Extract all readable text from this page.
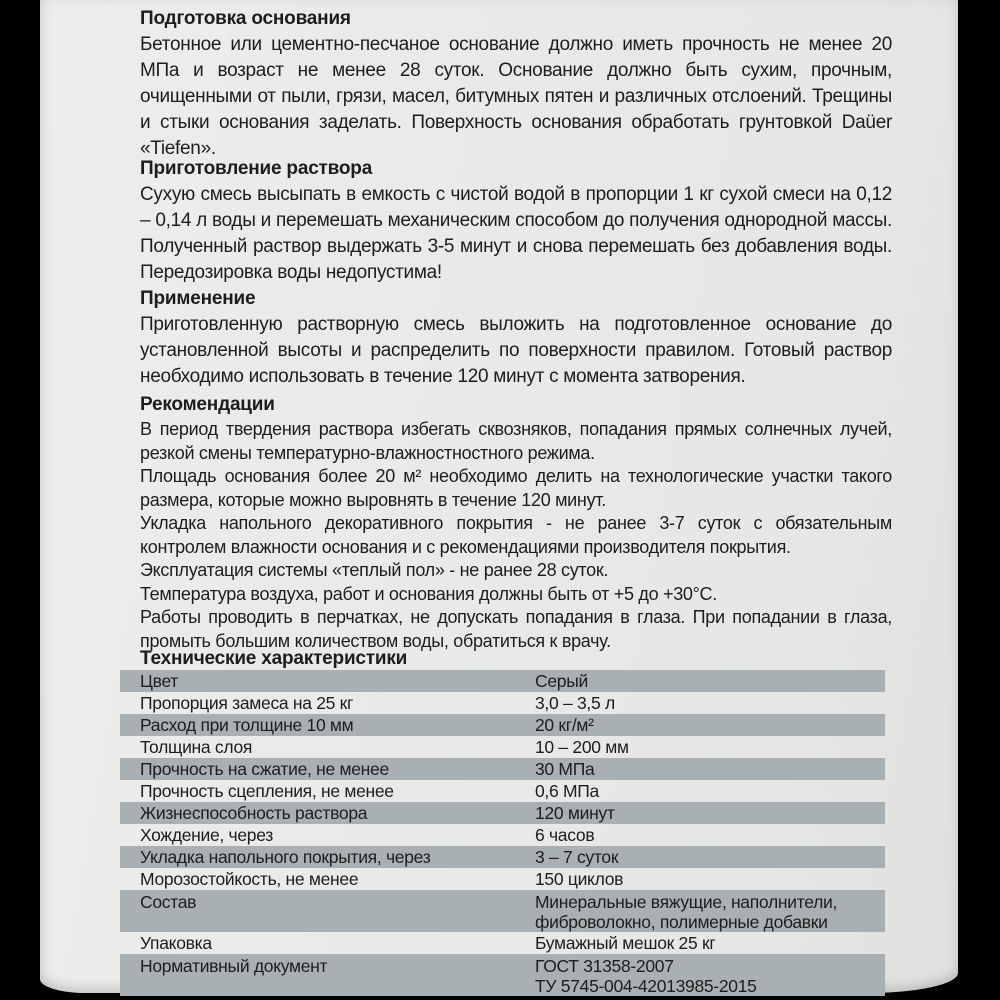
Подготовка основания

Бетонное или цементно-песчаное основание должно иметь прочность не менее 20 МПа и возраст не менее 28 суток. Основание должно быть сухим, прочным, очищенными от пыли, грязи, масел, битумных пятен и различных отслоений. Трещины и стыки основания заделать. Поверхность основания обработать грунтовкой Daüer «Tiefen».

Приготовление раствора

Сухую смесь высыпать в емкость с чистой водой в пропорции 1 кг сухой смеси на 0,12 – 0,14 л воды и перемешать механическим способом до получения однородной массы. Полученный раствор выдержать 3-5 минут и снова перемешать без добавления воды. Передозировка воды недопустима!

Применение

Приготовленную растворную смесь выложить на подготовленное основание до установленной высоты и распределить по поверхности правилом. Готовый раствор необходимо использовать в течение 120 минут с момента затворения.

Рекомендации

В период твердения раствора избегать сквозняков, попадания прямых солнечных лучей, резкой смены температурно-влажностностного режима.

Площадь основания более 20 м² необходимо делить на технологические участки такого размера, которые можно выровнять в течение 120 минут.

Укладка напольного декоративного покрытия - не ранее 3-7 суток с обязательным контролем влажности основания и с рекомендациями производителя покрытия.

Эксплуатация системы «теплый пол» - не ранее 28 суток.

Температура воздуха, работ и основания должны быть от +5 до +30°С.

Работы проводить в перчатках, не допускать попадания в глаза. При попадании в глаза, промыть большим количеством воды, обратиться к врачу.

Технические характеристики
Цвет	Серый
Пропорция замеса на 25 кг	3,0 – 3,5 л
Расход при толщине 10 мм	20 кг/м²
Толщина слоя	10 – 200 мм
Прочность на сжатие, не менее	30 МПа
Прочность сцепления, не менее	0,6 МПа
Жизнеспособность раствора	120 минут
Хождение, через	6 часов
Укладка напольного покрытия, через	3 – 7 суток
Морозостойкость, не менее	150 циклов
Состав	Минеральные вяжущие, наполнители,
фиброволокно, полимерные добавки
Упаковка	Бумажный мешок 25 кг
Нормативный документ	ГОСТ 31358-2007
ТУ 5745-004-42013985-2015
